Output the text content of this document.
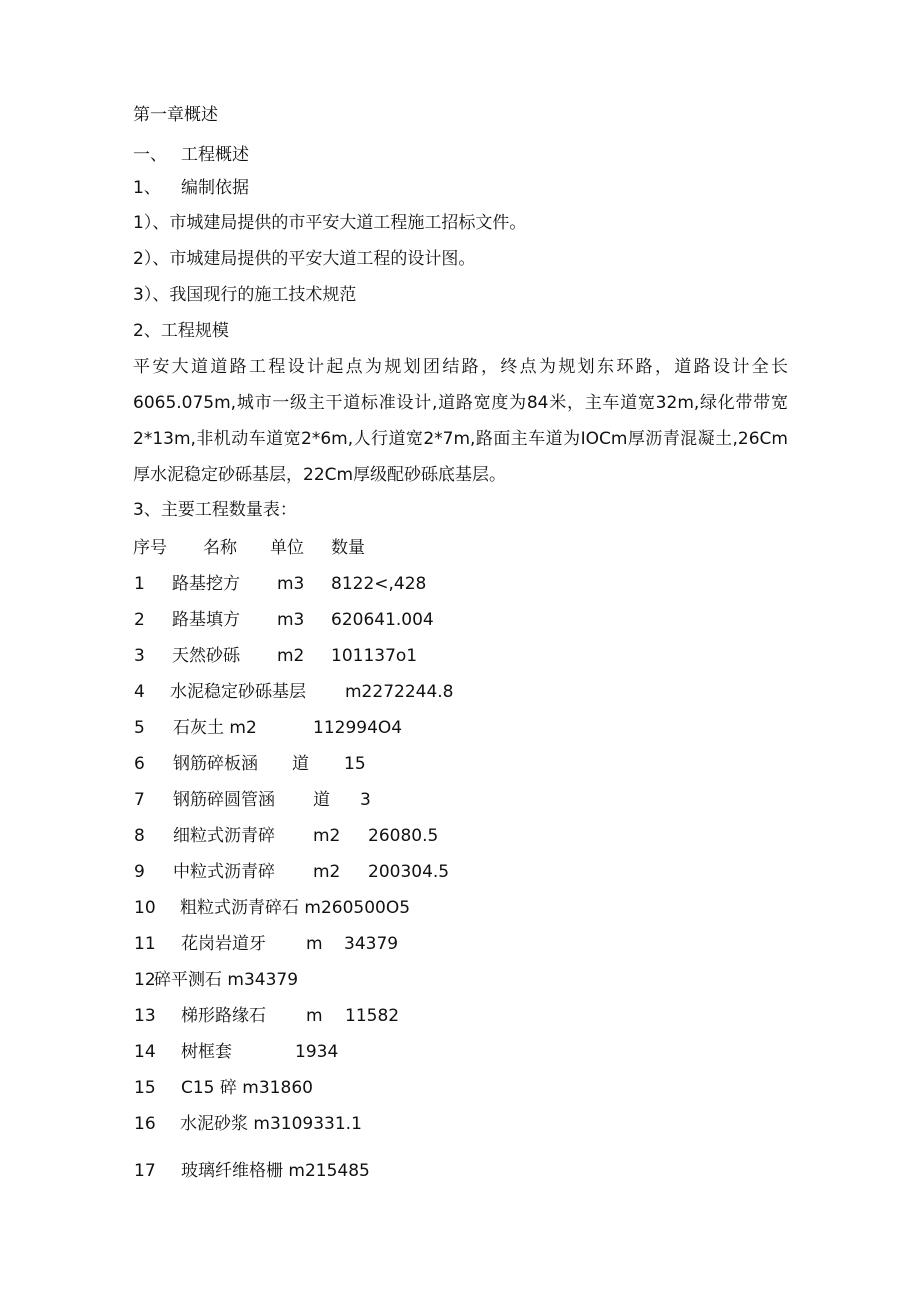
第一章概述
一、 工程概述
1、 编制依据
1）、市城建局提供的市平安大道工程施工招标文件。
2）、市城建局提供的平安大道工程的设计图。
3）、我国现行的施工技术规范
2、工程规模
平安大道道路工程设计起点为规划团结路，终点为规划东环路，道路设计全长6065.075m,城市一级主干道标准设计,道路宽度为84米，主车道宽32m,绿化带带宽2*13m,非机动车道宽2*6m,人行道宽2*7m,路面主车道为IOCm厚沥青混凝土,26Cm厚水泥稳定砂砾基层，22Cm厚级配砂砾底基层。
3、主要工程数量表：
序号 名称 单位 数量
1 路基挖方 m3 8122<,428
2 路基填方 m3 620641.004
3 天然砂砾 m2 101137o1
4 水泥稳定砂砾基层 m2272244.8
5 石灰土 m2	112994O4
6 钢筋碎板涵 道 15
7 钢筋碎圆管涵 道 3
8 细粒式沥青碎 m2 26080.5
9 中粒式沥青碎 m2 200304.5
10 粗粒式沥青碎石 m260500O5
11 花岗岩道牙 m 34379
12
碎平测石 m34379
13 梯形路缘石 m 11582
14 树框套	1934
15 C15 碎 m31860
16 水泥砂浆 m3109331.1
17 玻璃纤维格栅 m215485
